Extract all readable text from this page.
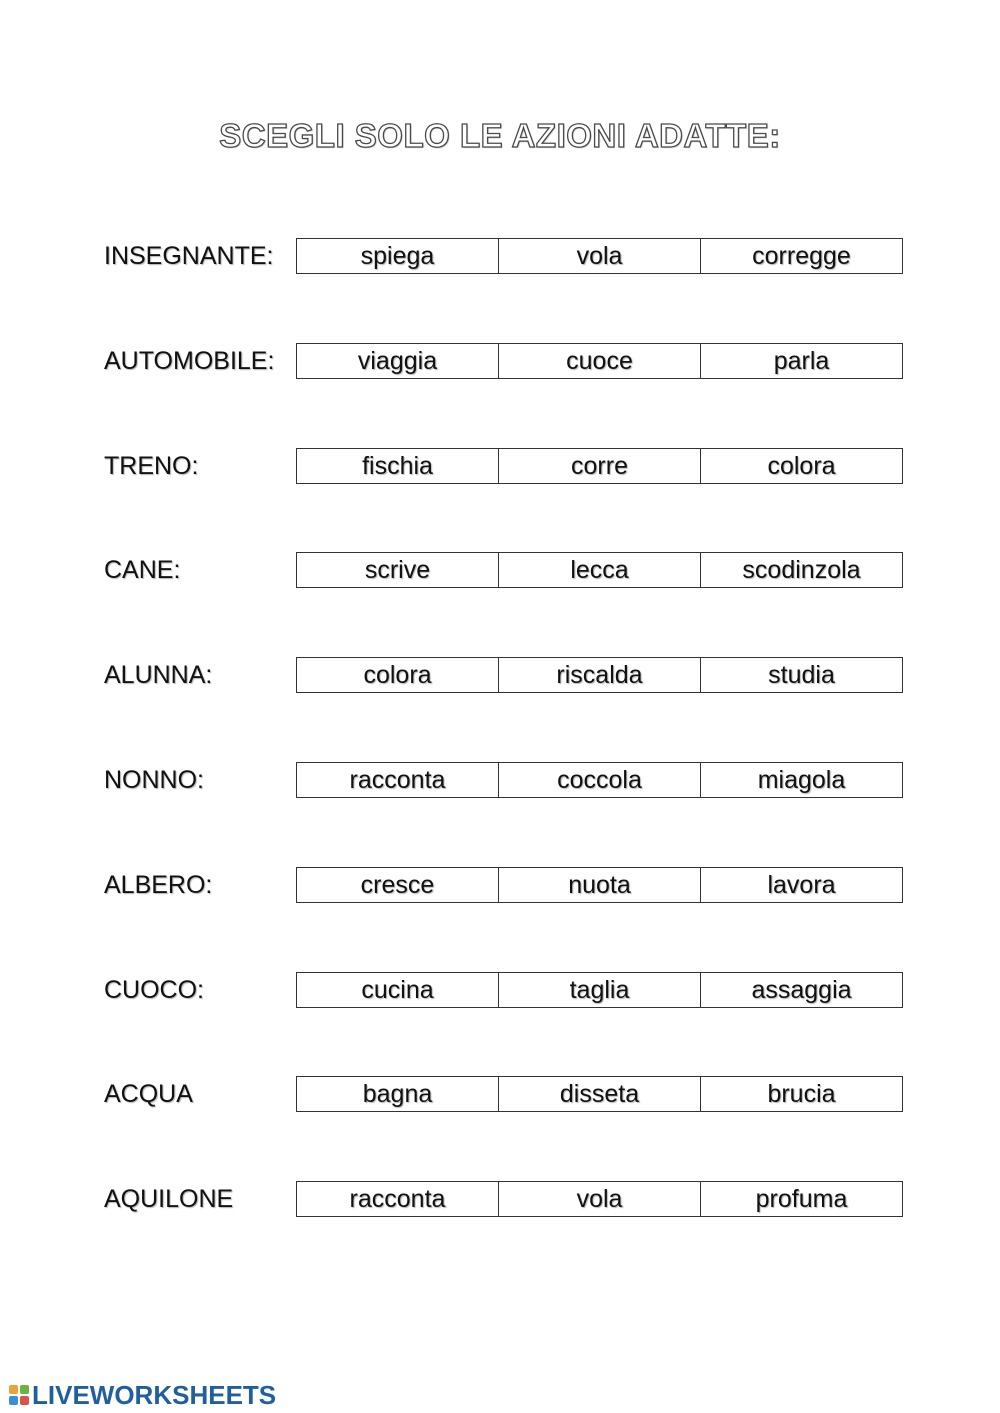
SCEGLI SOLO LE AZIONI ADATTE:
INSEGNANTE:	spiega	vola	corregge
AUTOMOBILE:	viaggia	cuoce	parla
TRENO:	fischia	corre	colora
CANE:	scrive	lecca	scodinzola
ALUNNA:	colora	riscalda	studia
NONNO:	racconta	coccola	miagola
ALBERO:	cresce	nuota	lavora
CUOCO:	cucina	taglia	assaggia
ACQUA	bagna	disseta	brucia
AQUILONE	racconta	vola	profuma
LIVEWORKSHEETS
